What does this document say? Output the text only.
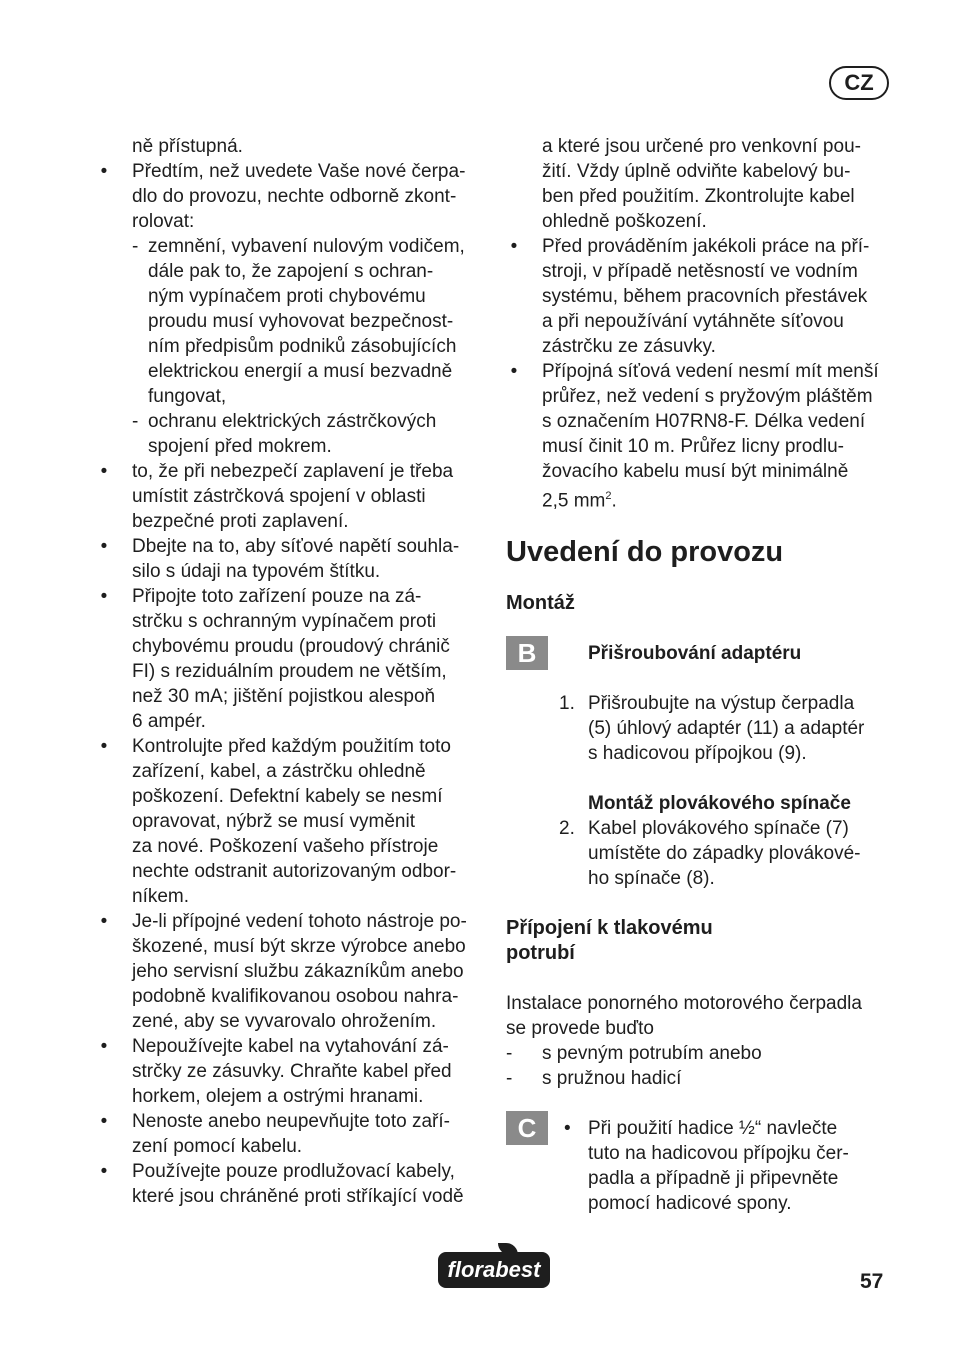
CZ
ně přístupná.
• Předtím, než uvedete Vaše nové čerpa-
dlo do provozu, nechte odborně zkont-
rolovat:
- zemnění, vybavení nulovým vodičem,
dále pak to, že zapojení s ochran-
ným vypínačem proti chybovému
proudu musí vyhovovat bezpečnost-
ním předpisům podniků zásobujících
elektrickou energií a musí bezvadně
fungovat,
- ochranu elektrických zástrčkových
spojení před mokrem.
• to, že při nebezpečí zaplavení je třeba
umístit zástrčková spojení v oblasti
bezpečné proti zaplavení.
• Dbejte na to, aby síťové napětí souhla-
silo s údaji na typovém štítku.
• Připojte toto zařízení pouze na zá-
strčku s ochranným vypínačem proti
chybovému proudu (proudový chránič
FI) s reziduálním proudem ne větším,
než 30 mA; jištění pojistkou alespoň
6 ampér.
• Kontrolujte před každým použitím toto
zařízení, kabel, a zástrčku ohledně
poškození. Defektní kabely se nesmí
opravovat, nýbrž se musí vyměnit
za nové. Poškození vašeho přístroje
nechte odstranit autorizovaným odbor-
níkem.
• Je-li přípojné vedení tohoto nástroje po-
škozené, musí být skrze výrobce anebo
jeho servisní službu zákazníkům anebo
podobně kvalifikovanou osobou nahra-
zené, aby se vyvarovalo ohrožením.
• Nepoužívejte kabel na vytahování zá-
strčky ze zásuvky. Chraňte kabel před
horkem, olejem a ostrými hranami.
• Nenoste anebo neupevňujte toto zaří-
zení pomocí kabelu.
• Používejte pouze prodlužovací kabely,
které jsou chráněné proti stříkající vodě
a které jsou určené pro venkovní pou-
žití. Vždy úplně odviňte kabelový bu-
ben před použitím. Zkontrolujte kabel
ohledně poškození.
• Před prováděním jakékoli práce na pří-
stroji, v případě netěsností ve vodním
systému, během pracovních přestávek
a při nepoužívání vytáhněte síťovou
zástrčku ze zásuvky.
• Přípojná síťová vedení nesmí mít menší
průřez, než vedení s pryžovým pláštěm
s označením H07RN8-F. Délka vedení
musí činit 10 m. Průřez licny prodlu-
žovacího kabelu musí být minimálně
2,5 $mm^2$.
Uvedení do provozu
Montáž
B	Přišroubování adaptéru
1. Přišroubujte na výstup čerpadla
(5) úhlový adaptér (11) a adaptér
s hadicovou přípojkou (9).
Montáž plovákového spínače
2. Kabel plovákového spínače (7)
umístěte do západky plovákové-
ho spínače (8).
Přípojení k tlakovému
potrubí
Instalace ponorného motorového čerpadla
se provede buďto
- s pevným potrubím anebo
- s pružnou hadicí
C	• Při použití hadice ½“ navlečte
tuto na hadicovou přípojku čer-
padla a případně ji připevněte
pomocí hadicové spony.
florabest	57
